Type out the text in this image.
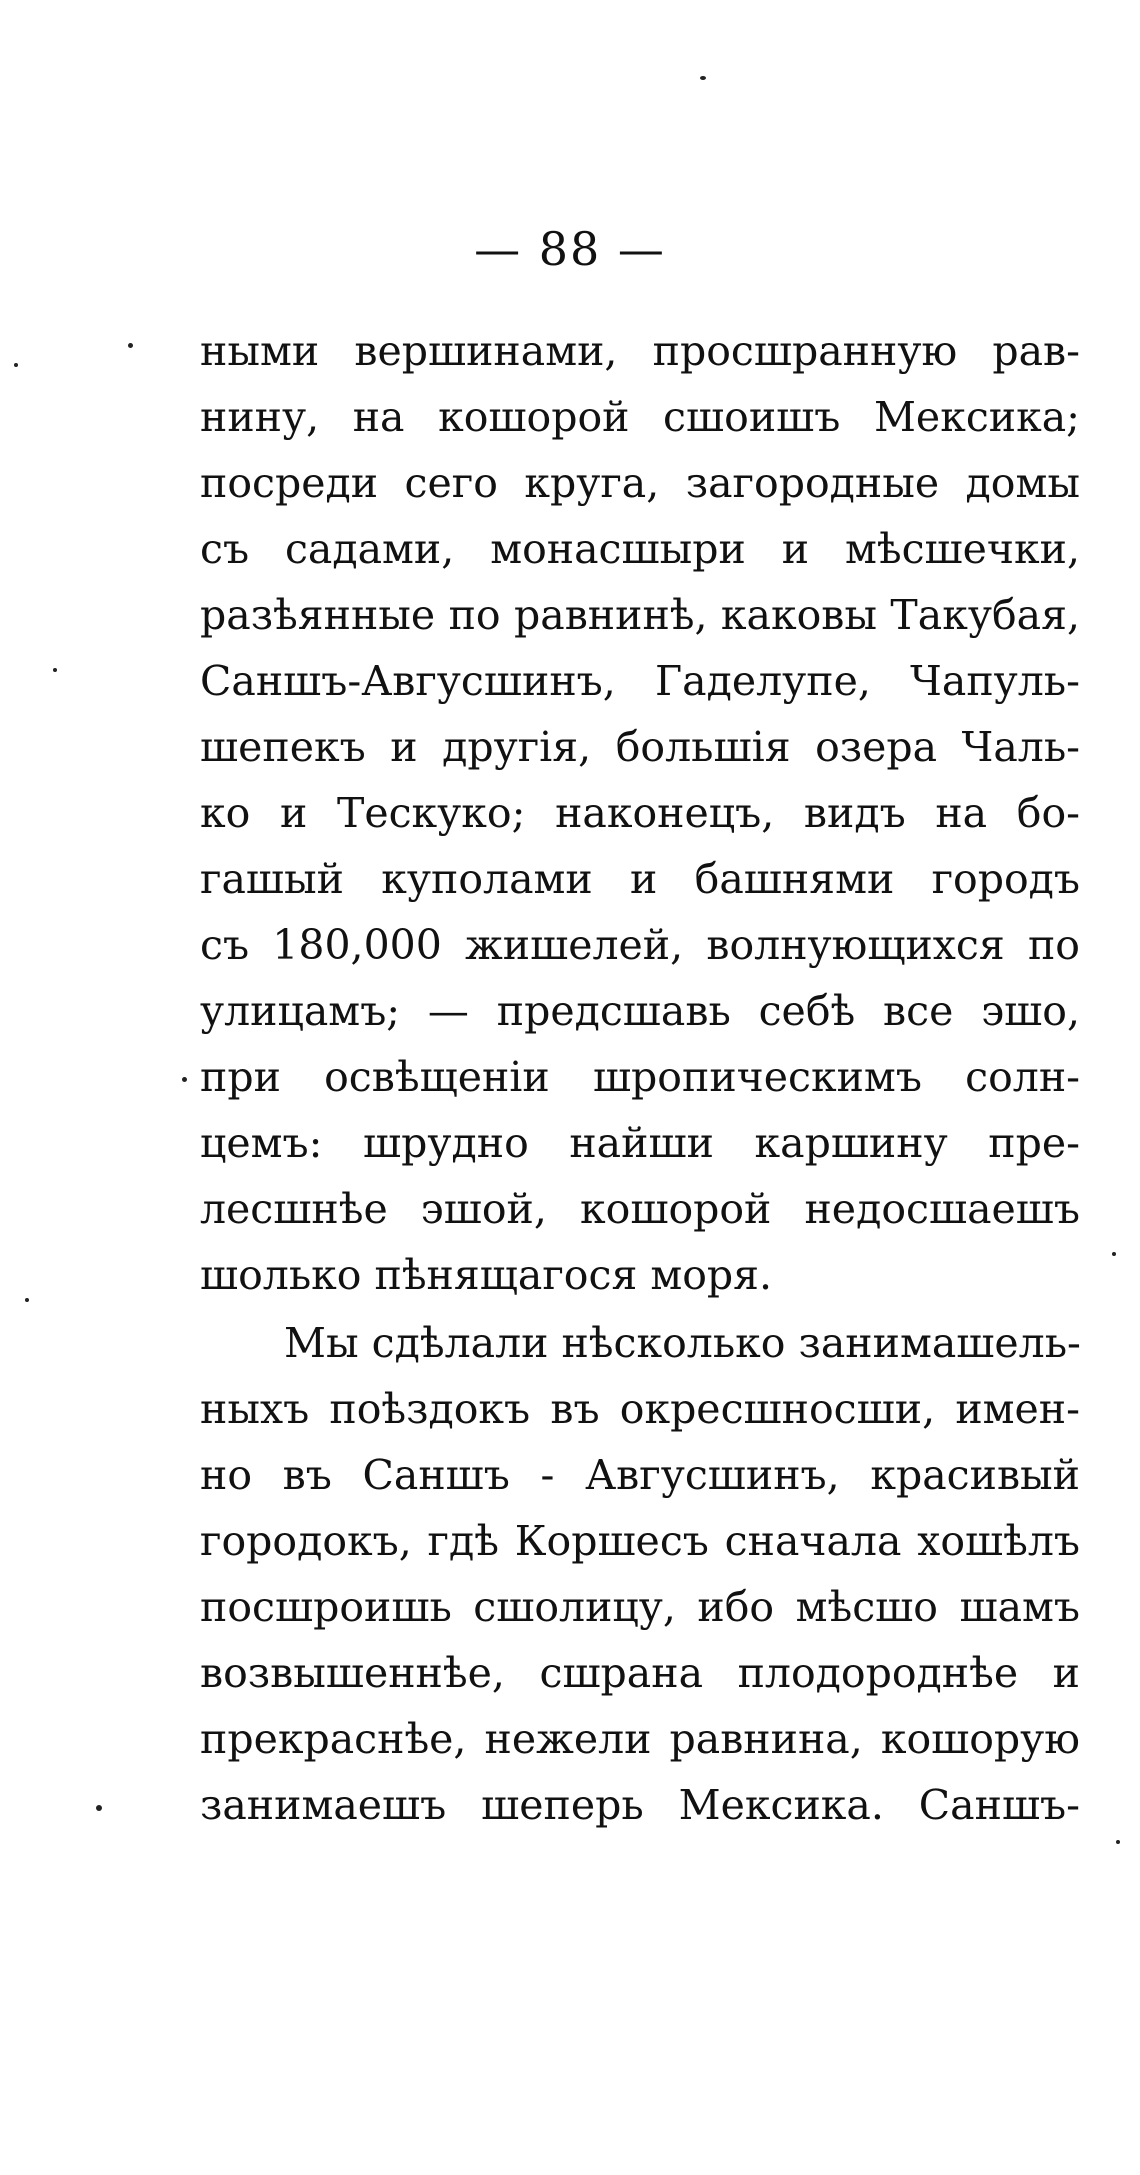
— 88 —
ными вершинами, просшранную рав-
нину, на кошорой сшоишъ Мексика;
посреди сего круга, загородные домы
съ садами, монасшыри и мѣсшечки,
разѣянные по равнинѣ, каковы Такубая,
Саншъ-Авгусшинъ, Гаделупе, Чапуль-
шепекъ и другія, большія озера Чаль-
ко и Тескуко; наконецъ, видъ на бо-
гашый куполами и башнями городъ
съ 180,000 жишелей, волнующихся по
улицамъ; — предсшавь себѣ все эшо,
при освѣщеніи шропическимъ солн-
цемъ: шрудно найши каршину пре-
лесшнѣе эшой, кошорой недосшаешъ
шолько пѣнящагося моря.
Мы сдѣлали нѣсколько занимашель-
ныхъ поѣздокъ въ окресшносши, имен-
но въ Саншъ - Авгусшинъ, красивый
городокъ, гдѣ Коршесъ сначала хошѣлъ
посшроишь сшолицу, ибо мѣсшо шамъ
возвышеннѣе, сшрана плодороднѣе и
прекраснѣе, нежели равнина, кошорую
занимаешъ шеперь Мексика. Саншъ-
